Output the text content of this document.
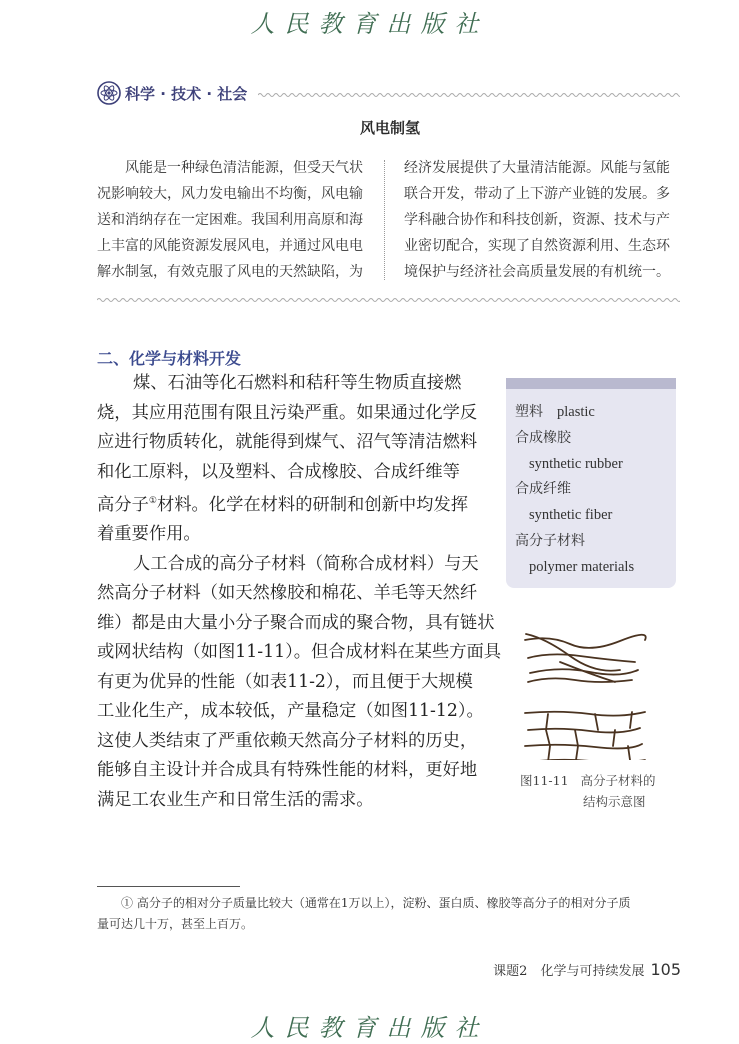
人民教育出版社
科学 · 技术 · 社会
风电制氢
风能是一种绿色清洁能源，但受天气状
况影响较大，风力发电输出不均衡，风电输
送和消纳存在一定困难。我国利用高原和海
上丰富的风能资源发展风电，并通过风电电
解水制氢，有效克服了风电的天然缺陷，为
经济发展提供了大量清洁能源。风能与氢能
联合开发，带动了上下游产业链的发展。多
学科融合协作和科技创新，资源、技术与产
业密切配合，实现了自然资源利用、生态环
境保护与经济社会高质量发展的有机统一。
二、化学与材料开发
煤、石油等化石燃料和秸秆等生物质直接燃
烧，其应用范围有限且污染严重。如果通过化学反
应进行物质转化，就能得到煤气、沼气等清洁燃料
和化工原料，以及塑料、合成橡胶、合成纤维等
高分子①材料。化学在材料的研制和创新中均发挥
着重要作用。
人工合成的高分子材料（简称合成材料）与天
然高分子材料（如天然橡胶和棉花、羊毛等天然纤
维）都是由大量小分子聚合而成的聚合物，具有链状
或网状结构（如图11-11）。但合成材料在某些方面具
有更为优异的性能（如表11-2），而且便于大规模
工业化生产，成本较低，产量稳定（如图11-12）。
这使人类结束了严重依赖天然高分子材料的历史，
能够自主设计并合成具有特殊性能的材料，更好地
满足工农业生产和日常生活的需求。
塑料 plastic
合成橡胶
synthetic rubber
合成纤维
synthetic fiber
高分子材料
polymer materials
图11-11 高分子材料的
结构示意图
① 高分子的相对分子质量比较大（通常在1万以上），淀粉、蛋白质、橡胶等高分子的相对分子质
量可达几十万，甚至上百万。
课题2　化学与可持续发展 105
人民教育出版社
